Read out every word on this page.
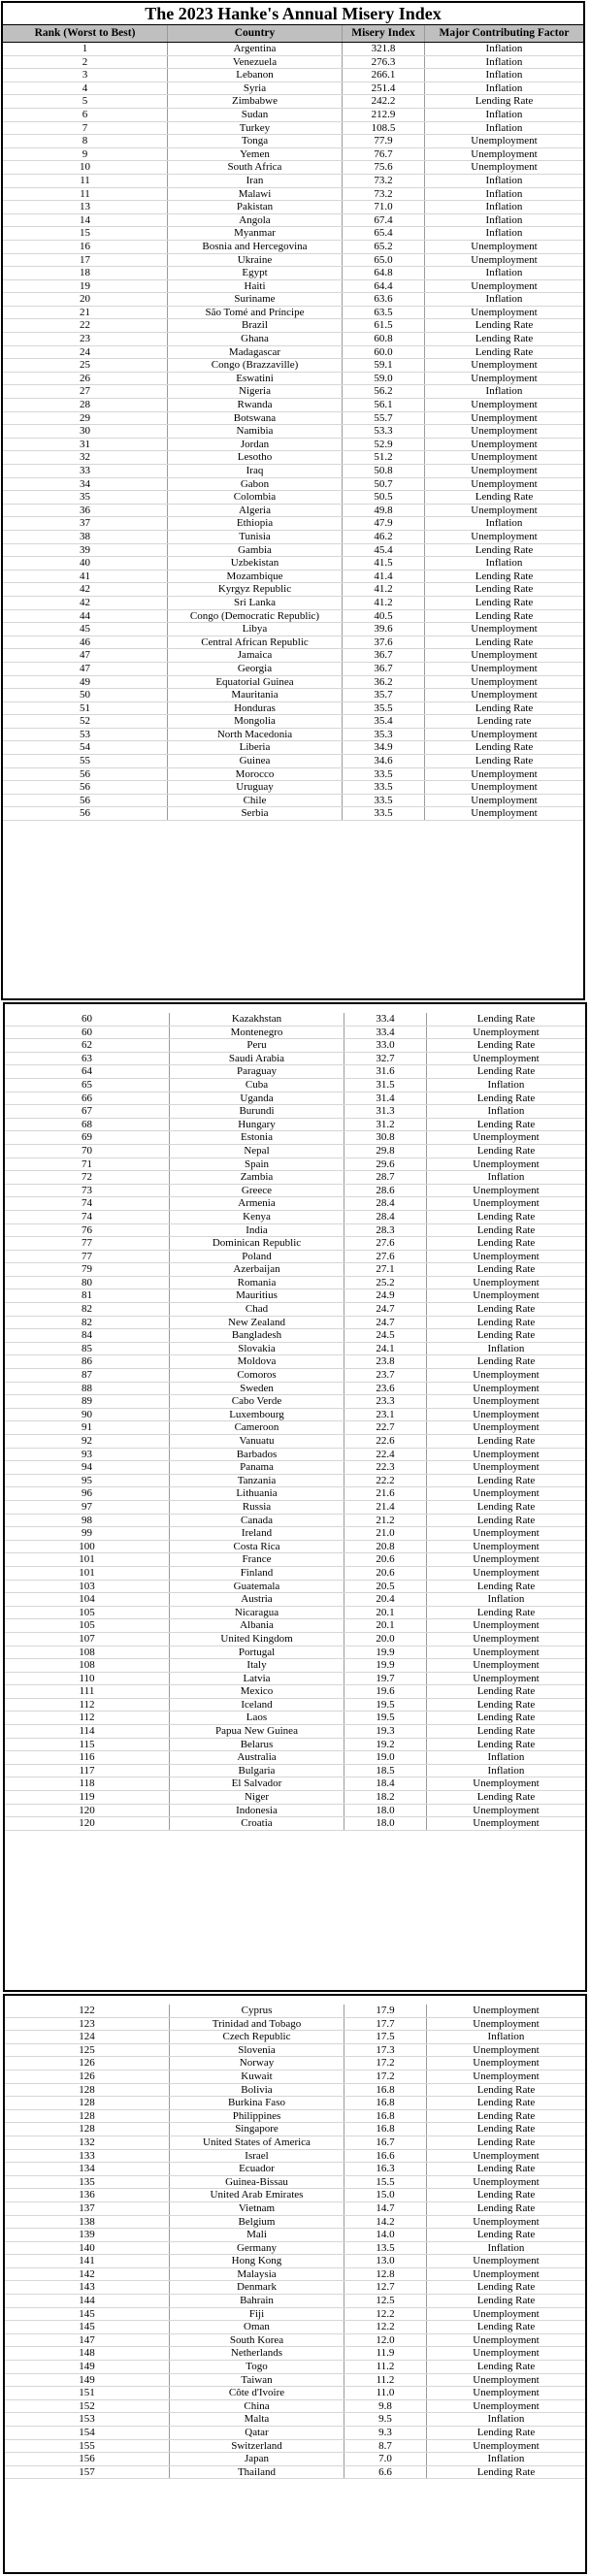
The 2023 Hanke's Annual Misery Index
Rank (Worst to Best)	Country	Misery Index	Major Contributing Factor
1	Argentina	321.8	Inflation
2	Venezuela	276.3	Inflation
3	Lebanon	266.1	Inflation
4	Syria	251.4	Inflation
5	Zimbabwe	242.2	Lending Rate
6	Sudan	212.9	Inflation
7	Turkey	108.5	Inflation
8	Tonga	77.9	Unemployment
9	Yemen	76.7	Unemployment
10	South Africa	75.6	Unemployment
11	Iran	73.2	Inflation
11	Malawi	73.2	Inflation
13	Pakistan	71.0	Inflation
14	Angola	67.4	Inflation
15	Myanmar	65.4	Inflation
16	Bosnia and Hercegovina	65.2	Unemployment
17	Ukraine	65.0	Unemployment
18	Egypt	64.8	Inflation
19	Haiti	64.4	Unemployment
20	Suriname	63.6	Inflation
21	São Tomé and Príncipe	63.5	Unemployment
22	Brazil	61.5	Lending Rate
23	Ghana	60.8	Lending Rate
24	Madagascar	60.0	Lending Rate
25	Congo (Brazzaville)	59.1	Unemployment
26	Eswatini	59.0	Unemployment
27	Nigeria	56.2	Inflation
28	Rwanda	56.1	Unemployment
29	Botswana	55.7	Unemployment
30	Namibia	53.3	Unemployment
31	Jordan	52.9	Unemployment
32	Lesotho	51.2	Unemployment
33	Iraq	50.8	Unemployment
34	Gabon	50.7	Unemployment
35	Colombia	50.5	Lending Rate
36	Algeria	49.8	Unemployment
37	Ethiopia	47.9	Inflation
38	Tunisia	46.2	Unemployment
39	Gambia	45.4	Lending Rate
40	Uzbekistan	41.5	Inflation
41	Mozambique	41.4	Lending Rate
42	Kyrgyz Republic	41.2	Lending Rate
42	Sri Lanka	41.2	Lending Rate
44	Congo (Democratic Republic)	40.5	Lending Rate
45	Libya	39.6	Unemployment
46	Central African Republic	37.6	Lending Rate
47	Jamaica	36.7	Unemployment
47	Georgia	36.7	Unemployment
49	Equatorial Guinea	36.2	Unemployment
50	Mauritania	35.7	Unemployment
51	Honduras	35.5	Lending Rate
52	Mongolia	35.4	Lending rate
53	North Macedonia	35.3	Unemployment
54	Liberia	34.9	Lending Rate
55	Guinea	34.6	Lending Rate
56	Morocco	33.5	Unemployment
56	Uruguay	33.5	Unemployment
56	Chile	33.5	Unemployment
56	Serbia	33.5	Unemployment
60	Kazakhstan	33.4	Lending Rate
60	Montenegro	33.4	Unemployment
62	Peru	33.0	Lending Rate
63	Saudi Arabia	32.7	Unemployment
64	Paraguay	31.6	Lending Rate
65	Cuba	31.5	Inflation
66	Uganda	31.4	Lending Rate
67	Burundi	31.3	Inflation
68	Hungary	31.2	Lending Rate
69	Estonia	30.8	Unemployment
70	Nepal	29.8	Lending Rate
71	Spain	29.6	Unemployment
72	Zambia	28.7	Inflation
73	Greece	28.6	Unemployment
74	Armenia	28.4	Unemployment
74	Kenya	28.4	Lending Rate
76	India	28.3	Lending Rate
77	Dominican Republic	27.6	Lending Rate
77	Poland	27.6	Unemployment
79	Azerbaijan	27.1	Lending Rate
80	Romania	25.2	Unemployment
81	Mauritius	24.9	Unemployment
82	Chad	24.7	Lending Rate
82	New Zealand	24.7	Lending Rate
84	Bangladesh	24.5	Lending Rate
85	Slovakia	24.1	Inflation
86	Moldova	23.8	Lending Rate
87	Comoros	23.7	Unemployment
88	Sweden	23.6	Unemployment
89	Cabo Verde	23.3	Unemployment
90	Luxembourg	23.1	Unemployment
91	Cameroon	22.7	Unemployment
92	Vanuatu	22.6	Lending Rate
93	Barbados	22.4	Unemployment
94	Panama	22.3	Unemployment
95	Tanzania	22.2	Lending Rate
96	Lithuania	21.6	Unemployment
97	Russia	21.4	Lending Rate
98	Canada	21.2	Lending Rate
99	Ireland	21.0	Unemployment
100	Costa Rica	20.8	Unemployment
101	France	20.6	Unemployment
101	Finland	20.6	Unemployment
103	Guatemala	20.5	Lending Rate
104	Austria	20.4	Inflation
105	Nicaragua	20.1	Lending Rate
105	Albania	20.1	Unemployment
107	United Kingdom	20.0	Unemployment
108	Portugal	19.9	Unemployment
108	Italy	19.9	Unemployment
110	Latvia	19.7	Unemployment
111	Mexico	19.6	Lending Rate
112	Iceland	19.5	Lending Rate
112	Laos	19.5	Lending Rate
114	Papua New Guinea	19.3	Lending Rate
115	Belarus	19.2	Lending Rate
116	Australia	19.0	Inflation
117	Bulgaria	18.5	Inflation
118	El Salvador	18.4	Unemployment
119	Niger	18.2	Lending Rate
120	Indonesia	18.0	Unemployment
120	Croatia	18.0	Unemployment
122	Cyprus	17.9	Unemployment
123	Trinidad and Tobago	17.7	Unemployment
124	Czech Republic	17.5	Inflation
125	Slovenia	17.3	Unemployment
126	Norway	17.2	Unemployment
126	Kuwait	17.2	Unemployment
128	Bolivia	16.8	Lending Rate
128	Burkina Faso	16.8	Lending Rate
128	Philippines	16.8	Lending Rate
128	Singapore	16.8	Lending Rate
132	United States of America	16.7	Lending Rate
133	Israel	16.6	Unemployment
134	Ecuador	16.3	Lending Rate
135	Guinea-Bissau	15.5	Unemployment
136	United Arab Emirates	15.0	Lending Rate
137	Vietnam	14.7	Lending Rate
138	Belgium	14.2	Unemployment
139	Mali	14.0	Lending Rate
140	Germany	13.5	Inflation
141	Hong Kong	13.0	Unemployment
142	Malaysia	12.8	Unemployment
143	Denmark	12.7	Lending Rate
144	Bahrain	12.5	Lending Rate
145	Fiji	12.2	Unemployment
145	Oman	12.2	Lending Rate
147	South Korea	12.0	Unemployment
148	Netherlands	11.9	Unemployment
149	Togo	11.2	Lending Rate
149	Taiwan	11.2	Unemployment
151	Côte d'Ivoire	11.0	Unemployment
152	China	9.8	Unemployment
153	Malta	9.5	Inflation
154	Qatar	9.3	Lending Rate
155	Switzerland	8.7	Unemployment
156	Japan	7.0	Inflation
157	Thailand	6.6	Lending Rate
